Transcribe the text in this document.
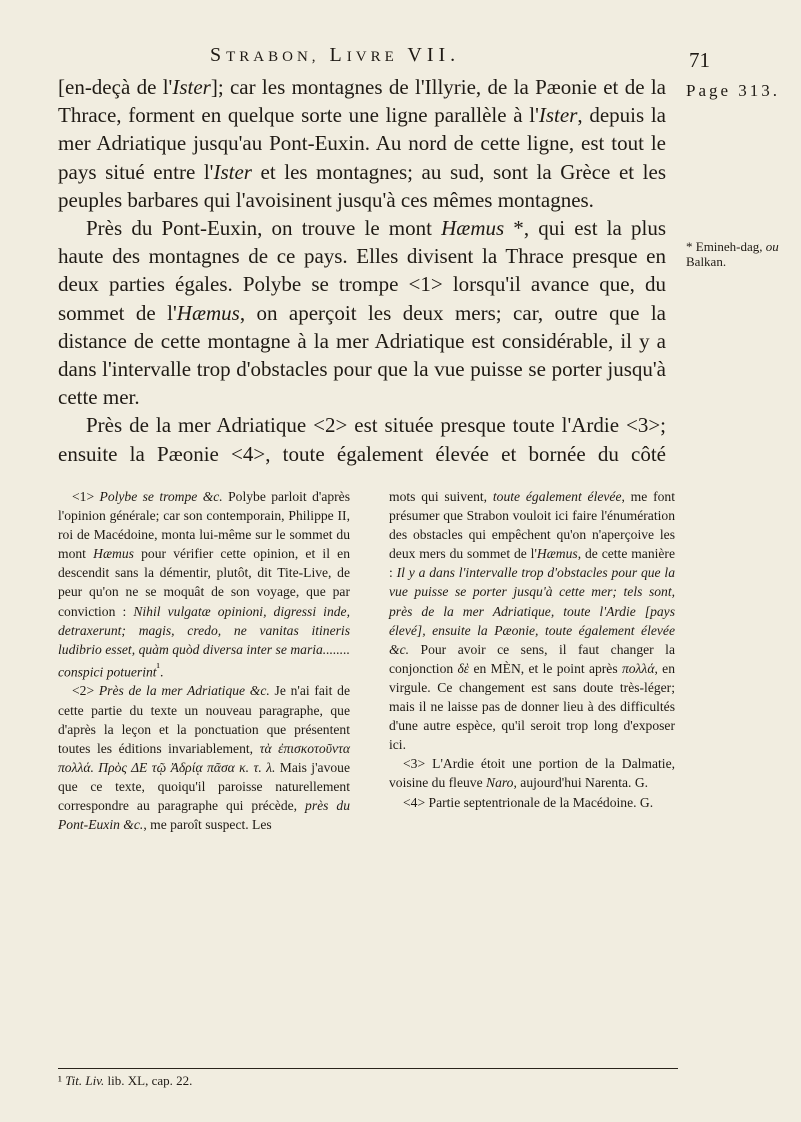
STRABON, LIVRE VII.	71
Page 313.
* Emineh-dag, ou
Balkan.

[en-deçà de l'Ister]; car les montagnes de l'Illyrie, de la Pæonie et de la Thrace, forment en quelque sorte une ligne parallèle à l'Ister, depuis la mer Adriatique jusqu'au Pont-Euxin. Au nord de cette ligne, est tout le pays situé entre l'Ister et les montagnes; au sud, sont la Grèce et les peuples barbares qui l'avoisinent jusqu'à ces mêmes montagnes.

Près du Pont-Euxin, on trouve le mont Hæmus *, qui est la plus haute des montagnes de ce pays. Elles divisent la Thrace presque en deux parties égales. Polybe se trompe <1> lorsqu'il avance que, du sommet de l'Hæmus, on aperçoit les deux mers; car, outre que la distance de cette montagne à la mer Adriatique est considérable, il y a dans l'intervalle trop d'obstacles pour que la vue puisse se porter jusqu'à cette mer.

Près de la mer Adriatique <2> est située presque toute l'Ardie <3>; ensuite la Pæonie <4>, toute également élevée et bornée du côté

<1> Polybe se trompe &c. Polybe parloit d'après l'opinion générale; car son contemporain, Philippe II, roi de Macédoine, monta lui-même sur le sommet du mont Hæmus pour vérifier cette opinion, et il en descendit sans la démentir, plutôt, dit Tite-Live, de peur qu'on ne se moquât de son voyage, que par conviction : Nihil vulgatæ opinioni, digressi inde, detraxerunt; magis, credo, ne vanitas itineris ludibrio esset, quàm quòd diversa inter se maria........ conspici potuerint$^{^1}$.

<2> Près de la mer Adriatique &c. Je n'ai fait de cette partie du texte un nouveau paragraphe, que d'après la leçon et la ponctuation que présentent toutes les éditions invariablement, τὰ ἐπισκοτοῦντα πολλά. Πρὸς ΔΕ τῷ Ἀδρίᾳ πᾶσα κ. τ. λ. Mais j'avoue que ce texte, quoiqu'il paroisse naturellement correspondre au paragraphe qui précède, près du Pont-Euxin &c., me paroît suspect. Les

mots qui suivent, toute également élevée, me font présumer que Strabon vouloit ici faire l'énumération des obstacles qui empêchent qu'on n'aperçoive les deux mers du sommet de l'Hæmus, de cette manière : Il y a dans l'intervalle trop d'obstacles pour que la vue puisse se porter jusqu'à cette mer; tels sont, près de la mer Adriatique, toute l'Ardie [pays élevé], ensuite la Pæonie, toute également élevée &c. Pour avoir ce sens, il faut changer la conjonction δὲ en MÈN, et le point après πολλά, en virgule. Ce changement est sans doute très-léger; mais il ne laisse pas de donner lieu à des difficultés d'une autre espèce, qu'il seroit trop long d'exposer ici.

<3> L'Ardie étoit une portion de la Dalmatie, voisine du fleuve Naro, aujourd'hui Narenta. G.

<4> Partie septentrionale de la Macédoine. G.

¹ Tit. Liv. lib. XL, cap. 22.
